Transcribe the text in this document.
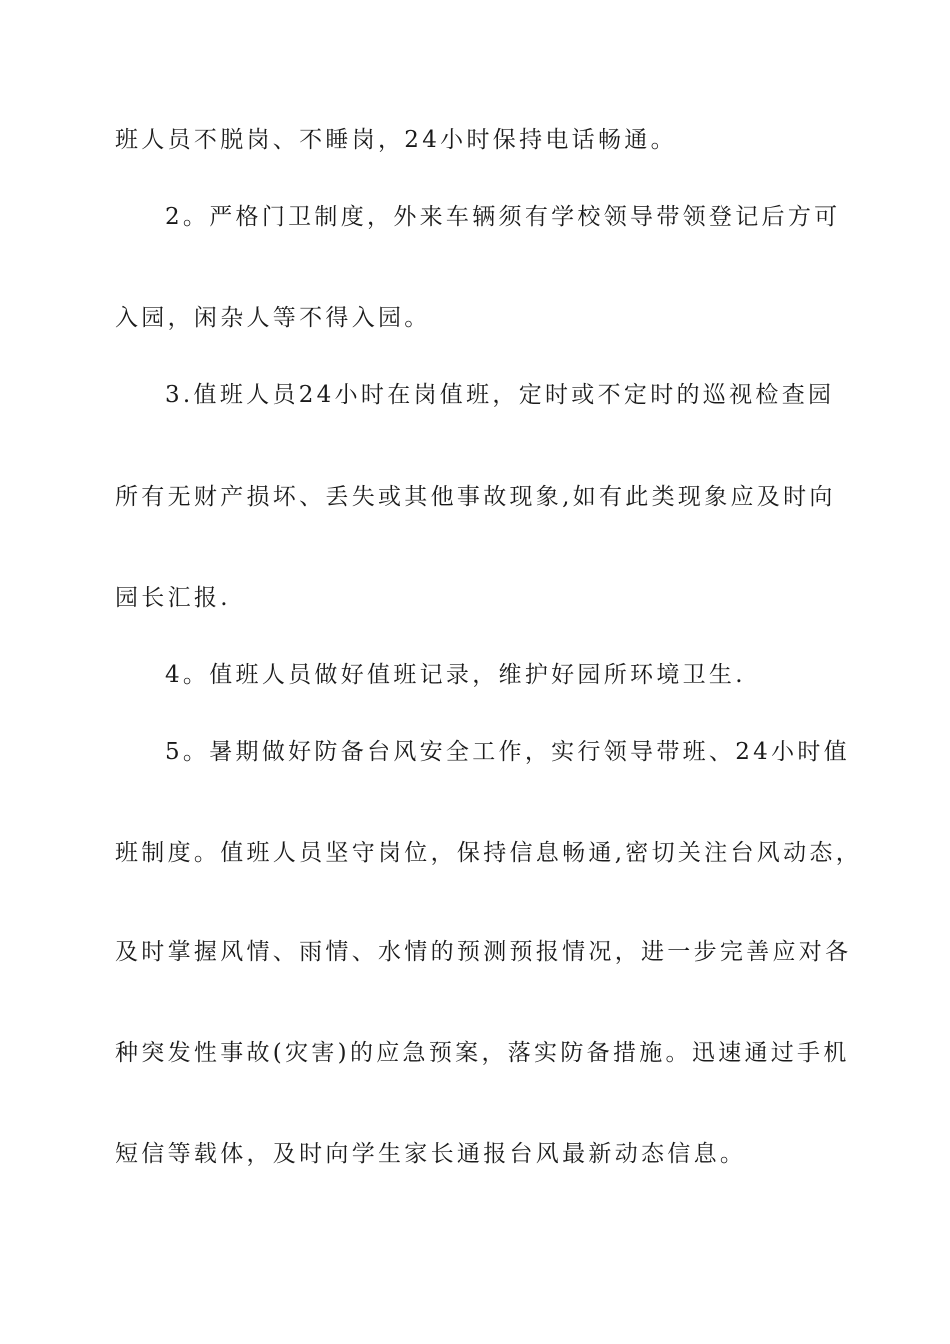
班人员不脱岗、不睡岗，24小时保持电话畅通。
2。严格门卫制度，外来车辆须有学校领导带领登记后方可
入园，闲杂人等不得入园。
3.值班人员24小时在岗值班，定时或不定时的巡视检查园
所有无财产损坏、丢失或其他事故现象,如有此类现象应及时向
园长汇报.
4。值班人员做好值班记录，维护好园所环境卫生.
5。暑期做好防备台风安全工作，实行领导带班、24小时值
班制度。值班人员坚守岗位，保持信息畅通,密切关注台风动态，
及时掌握风情、雨情、水情的预测预报情况，进一步完善应对各
种突发性事故(灾害)的应急预案，落实防备措施。迅速通过手机
短信等载体，及时向学生家长通报台风最新动态信息。
